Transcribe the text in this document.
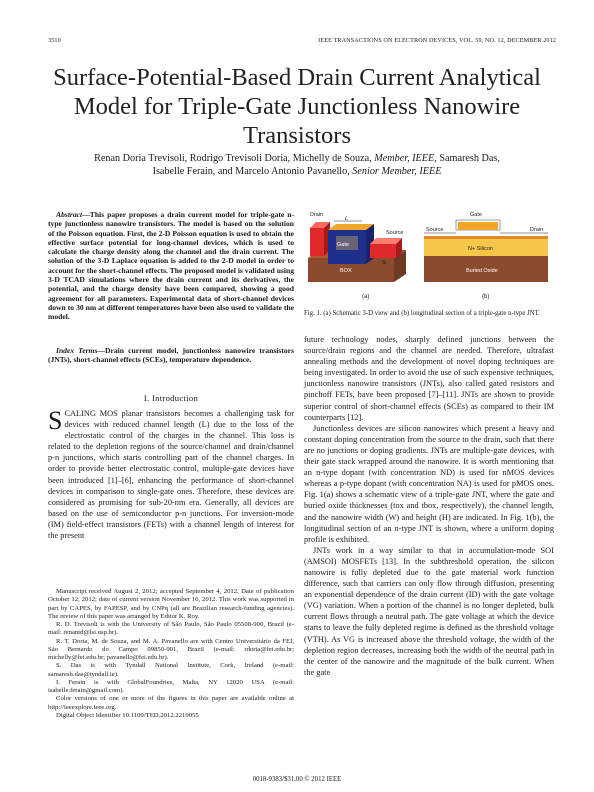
3510	IEEE TRANSACTIONS ON ELECTRON DEVICES, VOL. 59, NO. 12, DECEMBER 2012
Surface-Potential-Based Drain Current Analytical Model for Triple-Gate Junctionless Nanowire Transistors
Renan Doria Trevisoli, Rodrigo Trevisoli Doria, Michelly de Souza, Member, IEEE, Samaresh Das,
Isabelle Ferain, and Marcelo Antonio Pavanello, Senior Member, IEEE
Abstract—This paper proposes a drain current model for triple-gate n-type junctionless nanowire transistors. The model is based on the solution of the Poisson equation. First, the 2-D Poisson equation is used to obtain the effective surface potential for long-channel devices, which is used to calculate the charge density along the channel and the drain current. The solution of the 3-D Laplace equation is added to the 2-D model in order to account for the short-channel effects. The proposed model is validated using 3-D TCAD simulations where the drain current and its derivatives, the potential, and the charge density have been compared, showing a good agreement for all parameters. Experimental data of short-channel devices down to 30 nm at different temperatures have been also used to validate the model.
Index Terms—Drain current model, junctionless nanowire transistors (JNTs), short-channel effects (SCEs), temperature dependence.
I. Introduction
SCALING MOS planar transistors becomes a challenging task for devices with reduced channel length (L) due to the loss of the electrostatic control of the charges in the channel. This loss is related to the depletion regions of the source/channel and drain/channel p-n junctions, which starts controlling part of the channel charges. In order to provide better electrostatic control, multiple-gate devices have been introduced [1]–[6], enhancing the performance of short-channel devices in comparison to single-gate ones. Therefore, these devices are considered as promising for sub-20-nm era. Generally, all devices are based on the use of semiconductor p-n junctions. For inversion-mode (IM) field-effect transistors (FETs) with a channel length of interest for the present

Manuscript received August 2, 2012; accepted September 4, 2012. Date of publication October 12, 2012; date of current version November 16, 2012. This work was supported in part by CAPES, by FAPESP, and by CNPq (all are Brazilian research-funding agencies). The review of this paper was arranged by Editor K. Roy.

R. D. Trevisoli is with the University of São Paulo, São Paulo 05508-900, Brazil (e-mail: renantd@lsi.usp.br).

R. T. Doria, M. de Souza, and M. A. Pavanello are with Centro Universitário da FEI, São Bernardo do Campo 09850-901, Brazil (e-mail: rdoria@fei.edu.br; michelly@fei.edu.br; pavanello@fei.edu.br).

S. Das is with Tyndall National Institute, Cork, Ireland (e-mail: samaresh.das@tyndall.ie).

I. Ferain is with GlobalFoundries, Malta, NY 12020 USA (e-mail: isabelle.ferain@gmail.com).

Color versions of one or more of the figures in this paper are available online at http://ieeexplore.ieee.org.

Digital Object Identifier 10.1109/TED.2012.2219055

Drain
Gate
Source
BOX
Si
L
(a)
Gate
Source	Drain
N+ Silicon
Buried Oxide
(b)
Fig. 1. (a) Schematic 3-D view and (b) longitudinal section of a triple-gate n-type JNT.

future technology nodes, sharply defined junctions between the source/drain regions and the channel are needed. Therefore, ultrafast annealing methods and the development of novel doping techniques are being investigated. In order to avoid the use of such expensive techniques, junctionless nanowire transistors (JNTs), also called gated resistors and pinchoff FETs, have been proposed [7]–[11]. JNTs are shown to provide superior control of short-channel effects (SCEs) as compared to their IM counterparts [12].

Junctionless devices are silicon nanowires which present a heavy and constant doping concentration from the source to the drain, such that there are no junctions or doping gradients. JNTs are multiple-gate devices, with their gate stack wrapped around the nanowire. It is worth mentioning that an n-type dopant (with concentration ND) is used for nMOS devices whereas a p-type dopant (with concentration NA) is used for pMOS ones. Fig. 1(a) shows a schematic view of a triple-gate JNT, where the gate and buried oxide thicknesses (tox and tbox, respectively), the channel length, and the nanowire width (W) and height (H) are indicated. In Fig. 1(b), the longitudinal section of an n-type JNT is shown, where a uniform doping profile is exhibited.

JNTs work in a way similar to that in accumulation-mode SOI (AMSOI) MOSFETs [13]. In the subthreshold operation, the silicon nanowire is fully depleted due to the gate material work function difference, such that carriers can only flow through diffusion, presenting an exponential dependence of the drain current (ID) with the gate voltage (VG) variation. When a portion of the channel is no longer depleted, bulk current flows through a neutral path. The gate voltage at which the device starts to leave the fully depleted regime is defined as the threshold voltage (VTH). As VG is increased above the threshold voltage, the width of the depletion region decreases, increasing both the width of the neutral path in the center of the nanowire and the magnitude of the bulk current. When the gate

0018-9383/$31.00 © 2012 IEEE
